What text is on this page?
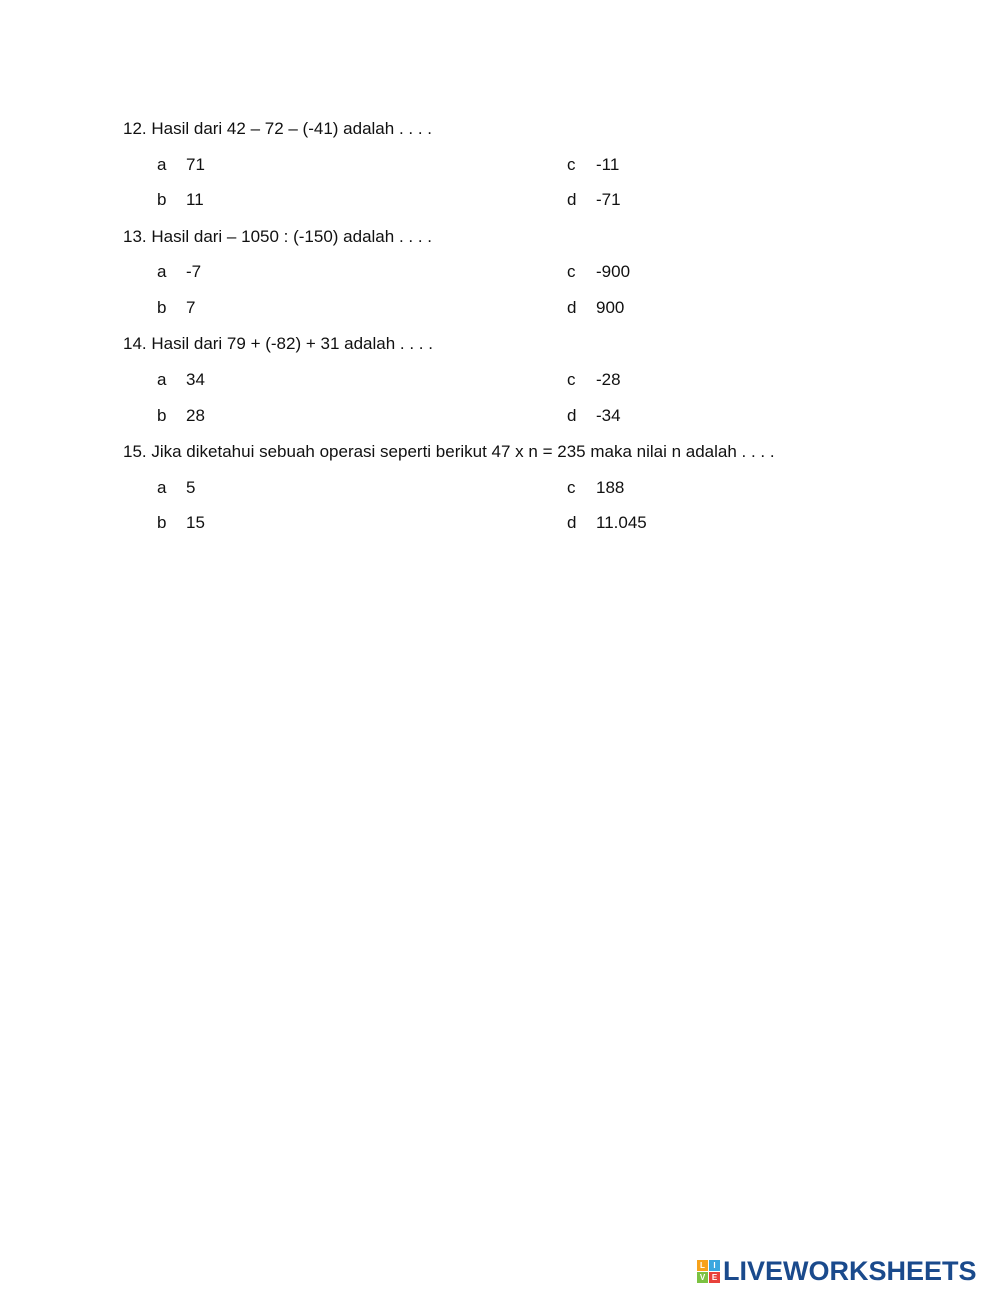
12. Hasil dari 42 – 72 – (-41) adalah . . . .
a 71
b 11
c -11
d -71
13. Hasil dari – 1050 : (-150) adalah . . . .
a -7
b 7
c -900
d 900
14. Hasil dari 79 + (-82) + 31 adalah . . . .
a 34
b 28
c -28
d -34
15. Jika diketahui sebuah operasi seperti berikut 47 x n = 235 maka nilai n adalah . . . .
a 5
b 15
c 188
d 11.045
L	I
V E LIVEWORKSHEETS
